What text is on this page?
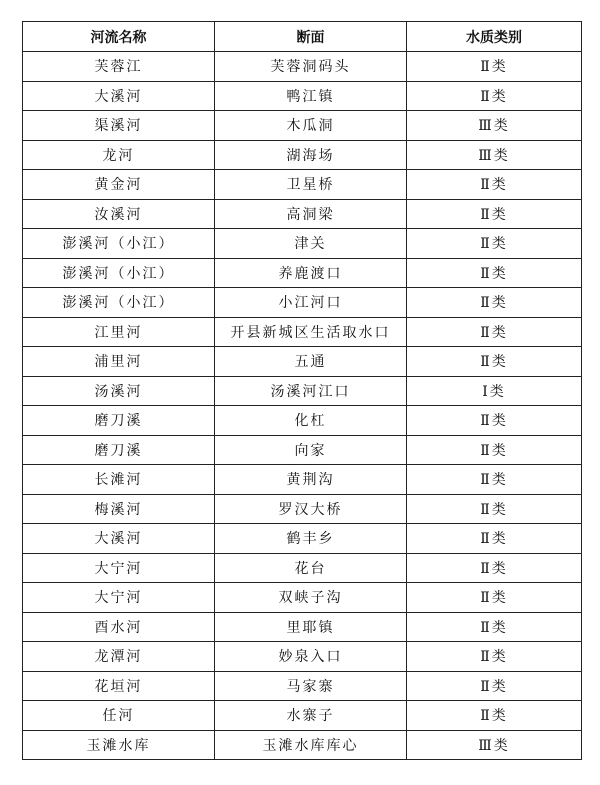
河流名称	断面	水质类别
芙蓉江	芙蓉洞码头	Ⅱ类
大溪河	鸭江镇	Ⅱ类
渠溪河	木瓜洞	Ⅲ类
龙河	湖海场	Ⅲ类
黄金河	卫星桥	Ⅱ类
汝溪河	高洞梁	Ⅱ类
澎溪河（小江）	津关	Ⅱ类
澎溪河（小江）	养鹿渡口	Ⅱ类
澎溪河（小江）	小江河口	Ⅱ类
江里河	开县新城区生活取水口	Ⅱ类
浦里河	五通	Ⅱ类
汤溪河	汤溪河江口	Ⅰ类
磨刀溪	化杠	Ⅱ类
磨刀溪	向家	Ⅱ类
长滩河	黄荆沟	Ⅱ类
梅溪河	罗汉大桥	Ⅱ类
大溪河	鹤丰乡	Ⅱ类
大宁河	花台	Ⅱ类
大宁河	双峡子沟	Ⅱ类
酉水河	里耶镇	Ⅱ类
龙潭河	妙泉入口	Ⅱ类
花垣河	马家寨	Ⅱ类
任河	水寨子	Ⅱ类
玉滩水库	玉滩水库库心	Ⅲ类
